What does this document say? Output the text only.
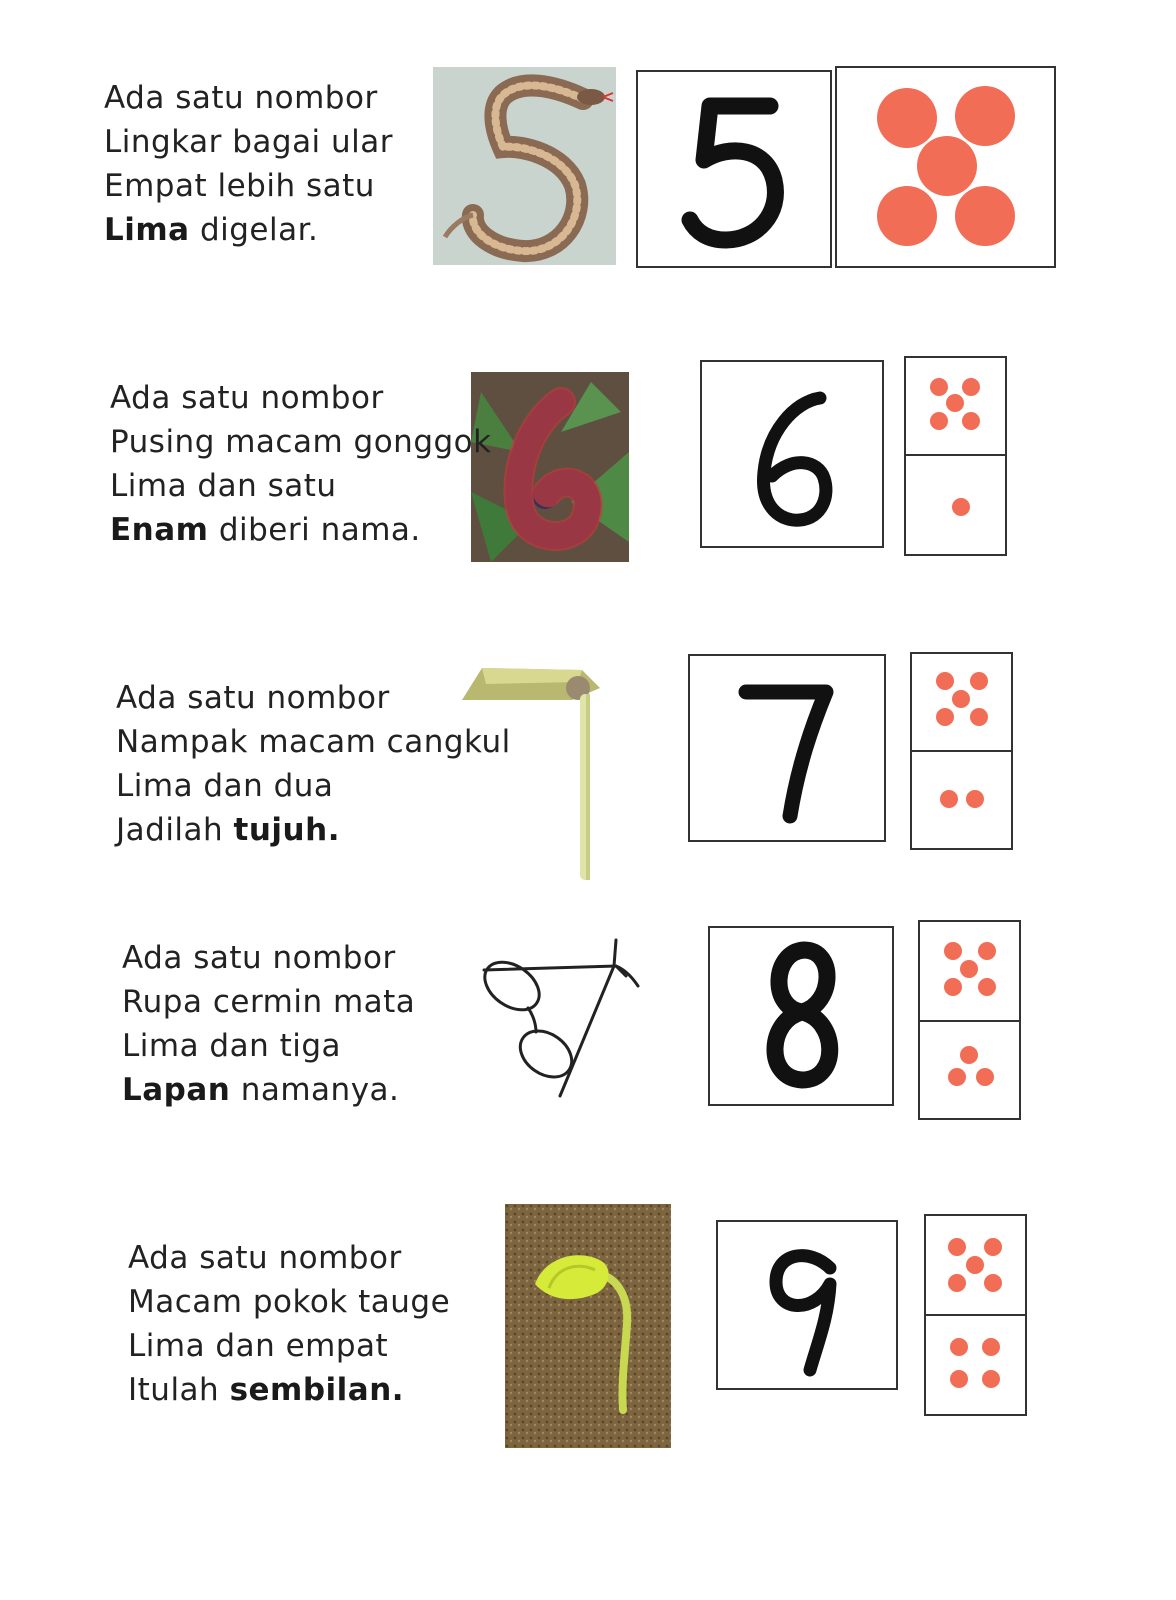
Ada satu nombor
Lingkar bagai ular
Empat lebih satu
Lima digelar.
Ada satu nombor
Pusing macam gonggok
Lima dan satu
Enam diberi nama.
Ada satu nombor
Nampak macam cangkul
Lima dan dua
Jadilah tujuh.
Ada satu nombor
Rupa cermin mata
Lima dan tiga
Lapan namanya.
Ada satu nombor
Macam pokok tauge
Lima dan empat
Itulah sembilan.
